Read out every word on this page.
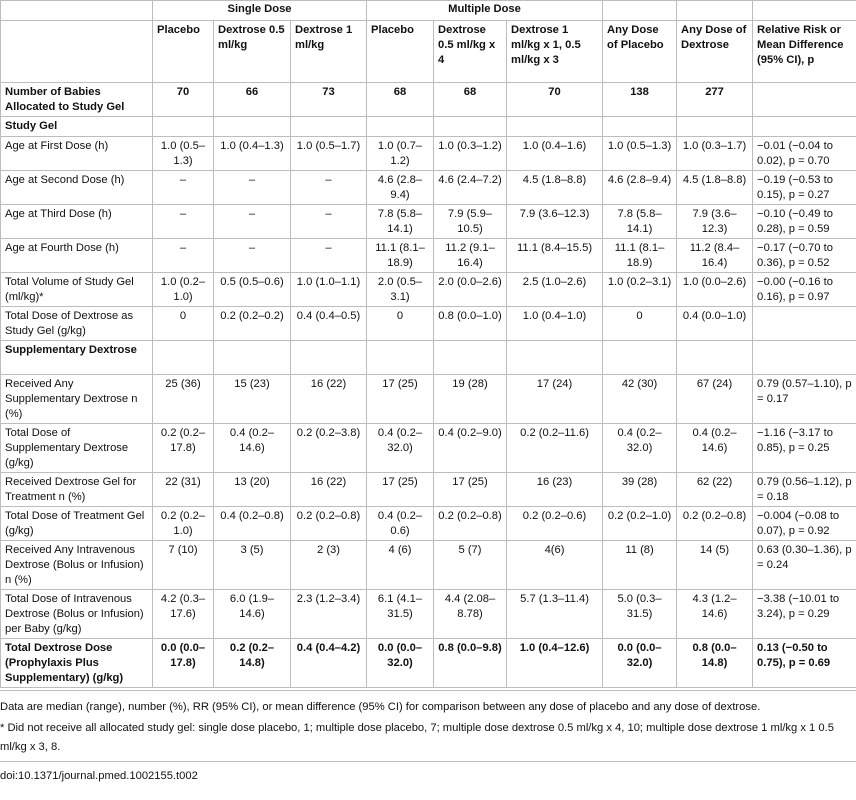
	Single Dose			Multiple Dose					
	Placebo	Dextrose 0.5 ml/kg	Dextrose 1 ml/kg	Placebo	Dextrose 0.5 ml/kg x 4	Dextrose 1 ml/kg x 1, 0.5 ml/kg x 3	Any Dose of Placebo	Any Dose of Dextrose	Relative Risk or Mean Difference (95% CI), p
Number of Babies Allocated to Study Gel	70	66	73	68	68	70	138	277	
Study Gel									
Age at First Dose (h)	1.0 (0.5–1.3)	1.0 (0.4–1.3)	1.0 (0.5–1.7)	1.0 (0.7–1.2)	1.0 (0.3–1.2)	1.0 (0.4–1.6)	1.0 (0.5–1.3)	1.0 (0.3–1.7)	−0.01 (−0.04 to 0.02), p = 0.70
Age at Second Dose (h)	–	–	–	4.6 (2.8–9.4)	4.6 (2.4–7.2)	4.5 (1.8–8.8)	4.6 (2.8–9.4)	4.5 (1.8–8.8)	−0.19 (−0.53 to 0.15), p = 0.27
Age at Third Dose (h)	–	–	–	7.8 (5.8–14.1)	7.9 (5.9–10.5)	7.9 (3.6–12.3)	7.8 (5.8–14.1)	7.9 (3.6–12.3)	−0.10 (−0.49 to 0.28), p = 0.59
Age at Fourth Dose (h)	–	–	–	11.1 (8.1–18.9)	11.2 (9.1–16.4)	11.1 (8.4–15.5)	11.1 (8.1–18.9)	11.2 (8.4–16.4)	−0.17 (−0.70 to 0.36), p = 0.52
Total Volume of Study Gel (ml/kg)*	1.0 (0.2–1.0)	0.5 (0.5–0.6)	1.0 (1.0–1.1)	2.0 (0.5–3.1)	2.0 (0.0–2.6)	2.5 (1.0–2.6)	1.0 (0.2–3.1)	1.0 (0.0–2.6)	−0.00 (−0.16 to 0.16), p = 0.97
Total Dose of Dextrose as Study Gel (g/kg)	0	0.2 (0.2–0.2)	0.4 (0.4–0.5)	0	0.8 (0.0–1.0)	1.0 (0.4–1.0)	0	0.4 (0.0–1.0)	
Supplementary Dextrose									
Received Any Supplementary Dextrose n (%)	25 (36)	15 (23)	16 (22)	17 (25)	19 (28)	17 (24)	42 (30)	67 (24)	0.79 (0.57–1.10), p = 0.17
Total Dose of Supplementary Dextrose (g/kg)	0.2 (0.2–17.8)	0.4 (0.2–14.6)	0.2 (0.2–3.8)	0.4 (0.2–32.0)	0.4 (0.2–9.0)	0.2 (0.2–11.6)	0.4 (0.2–32.0)	0.4 (0.2–14.6)	−1.16 (−3.17 to 0.85), p = 0.25
Received Dextrose Gel for Treatment n (%)	22 (31)	13 (20)	16 (22)	17 (25)	17 (25)	16 (23)	39 (28)	62 (22)	0.79 (0.56–1.12), p = 0.18
Total Dose of Treatment Gel (g/kg)	0.2 (0.2–1.0)	0.4 (0.2–0.8)	0.2 (0.2–0.8)	0.4 (0.2–0.6)	0.2 (0.2–0.8)	0.2 (0.2–0.6)	0.2 (0.2–1.0)	0.2 (0.2–0.8)	−0.004 (−0.08 to 0.07), p = 0.92
Received Any Intravenous Dextrose (Bolus or Infusion) n (%)	7 (10)	3 (5)	2 (3)	4 (6)	5 (7)	4(6)	11 (8)	14 (5)	0.63 (0.30–1.36), p = 0.24
Total Dose of Intravenous Dextrose (Bolus or Infusion) per Baby (g/kg)	4.2 (0.3–17.6)	6.0 (1.9–14.6)	2.3 (1.2–3.4)	6.1 (4.1–31.5)	4.4 (2.08–8.78)	5.7 (1.3–11.4)	5.0 (0.3–31.5)	4.3 (1.2–14.6)	−3.38 (−10.01 to 3.24), p = 0.29
Total Dextrose Dose (Prophylaxis Plus Supplementary) (g/kg)	0.0 (0.0–17.8)	0.2 (0.2–14.8)	0.4 (0.4–4.2)	0.0 (0.0–32.0)	0.8 (0.0–9.8)	1.0 (0.4–12.6)	0.0 (0.0–32.0)	0.8 (0.0–14.8)	0.13 (−0.50 to 0.75), p = 0.69
Data are median (range), number (%), RR (95% CI), or mean difference (95% CI) for comparison between any dose of placebo and any dose of dextrose.
* Did not receive all allocated study gel: single dose placebo, 1; multiple dose placebo, 7; multiple dose dextrose 0.5 ml/kg x 4, 10; multiple dose dextrose 1 ml/kg x 1 0.5 ml/kg x 3, 8.
doi:10.1371/journal.pmed.1002155.t002
